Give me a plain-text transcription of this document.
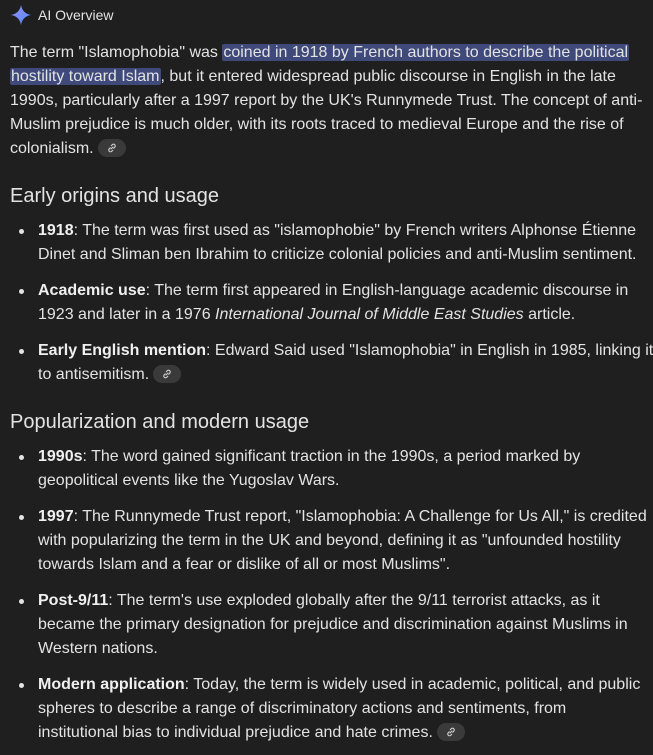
AI Overview
The term "Islamophobia" was coined in 1918 by French authors to describe the political
hostility toward Islam, but it entered widespread public discourse in English in the late
1990s, particularly after a 1997 report by the UK's Runnymede Trust. The concept of anti-
Muslim prejudice is much older, with its roots traced to medieval Europe and the rise of
colonialism.
Early origins and usage
1918: The term was first used as "islamophobie" by French writers Alphonse Étienne
Dinet and Sliman ben Ibrahim to criticize colonial policies and anti-Muslim sentiment.
Academic use: The term first appeared in English-language academic discourse in
1923 and later in a 1976 International Journal of Middle East Studies article.
Early English mention: Edward Said used "Islamophobia" in English in 1985, linking it
to antisemitism.
Popularization and modern usage
1990s: The word gained significant traction in the 1990s, a period marked by
geopolitical events like the Yugoslav Wars.
1997: The Runnymede Trust report, "Islamophobia: A Challenge for Us All," is credited
with popularizing the term in the UK and beyond, defining it as "unfounded hostility
towards Islam and a fear or dislike of all or most Muslims".
Post-9/11: The term's use exploded globally after the 9/11 terrorist attacks, as it
became the primary designation for prejudice and discrimination against Muslims in
Western nations.
Modern application: Today, the term is widely used in academic, political, and public
spheres to describe a range of discriminatory actions and sentiments, from
institutional bias to individual prejudice and hate crimes.
